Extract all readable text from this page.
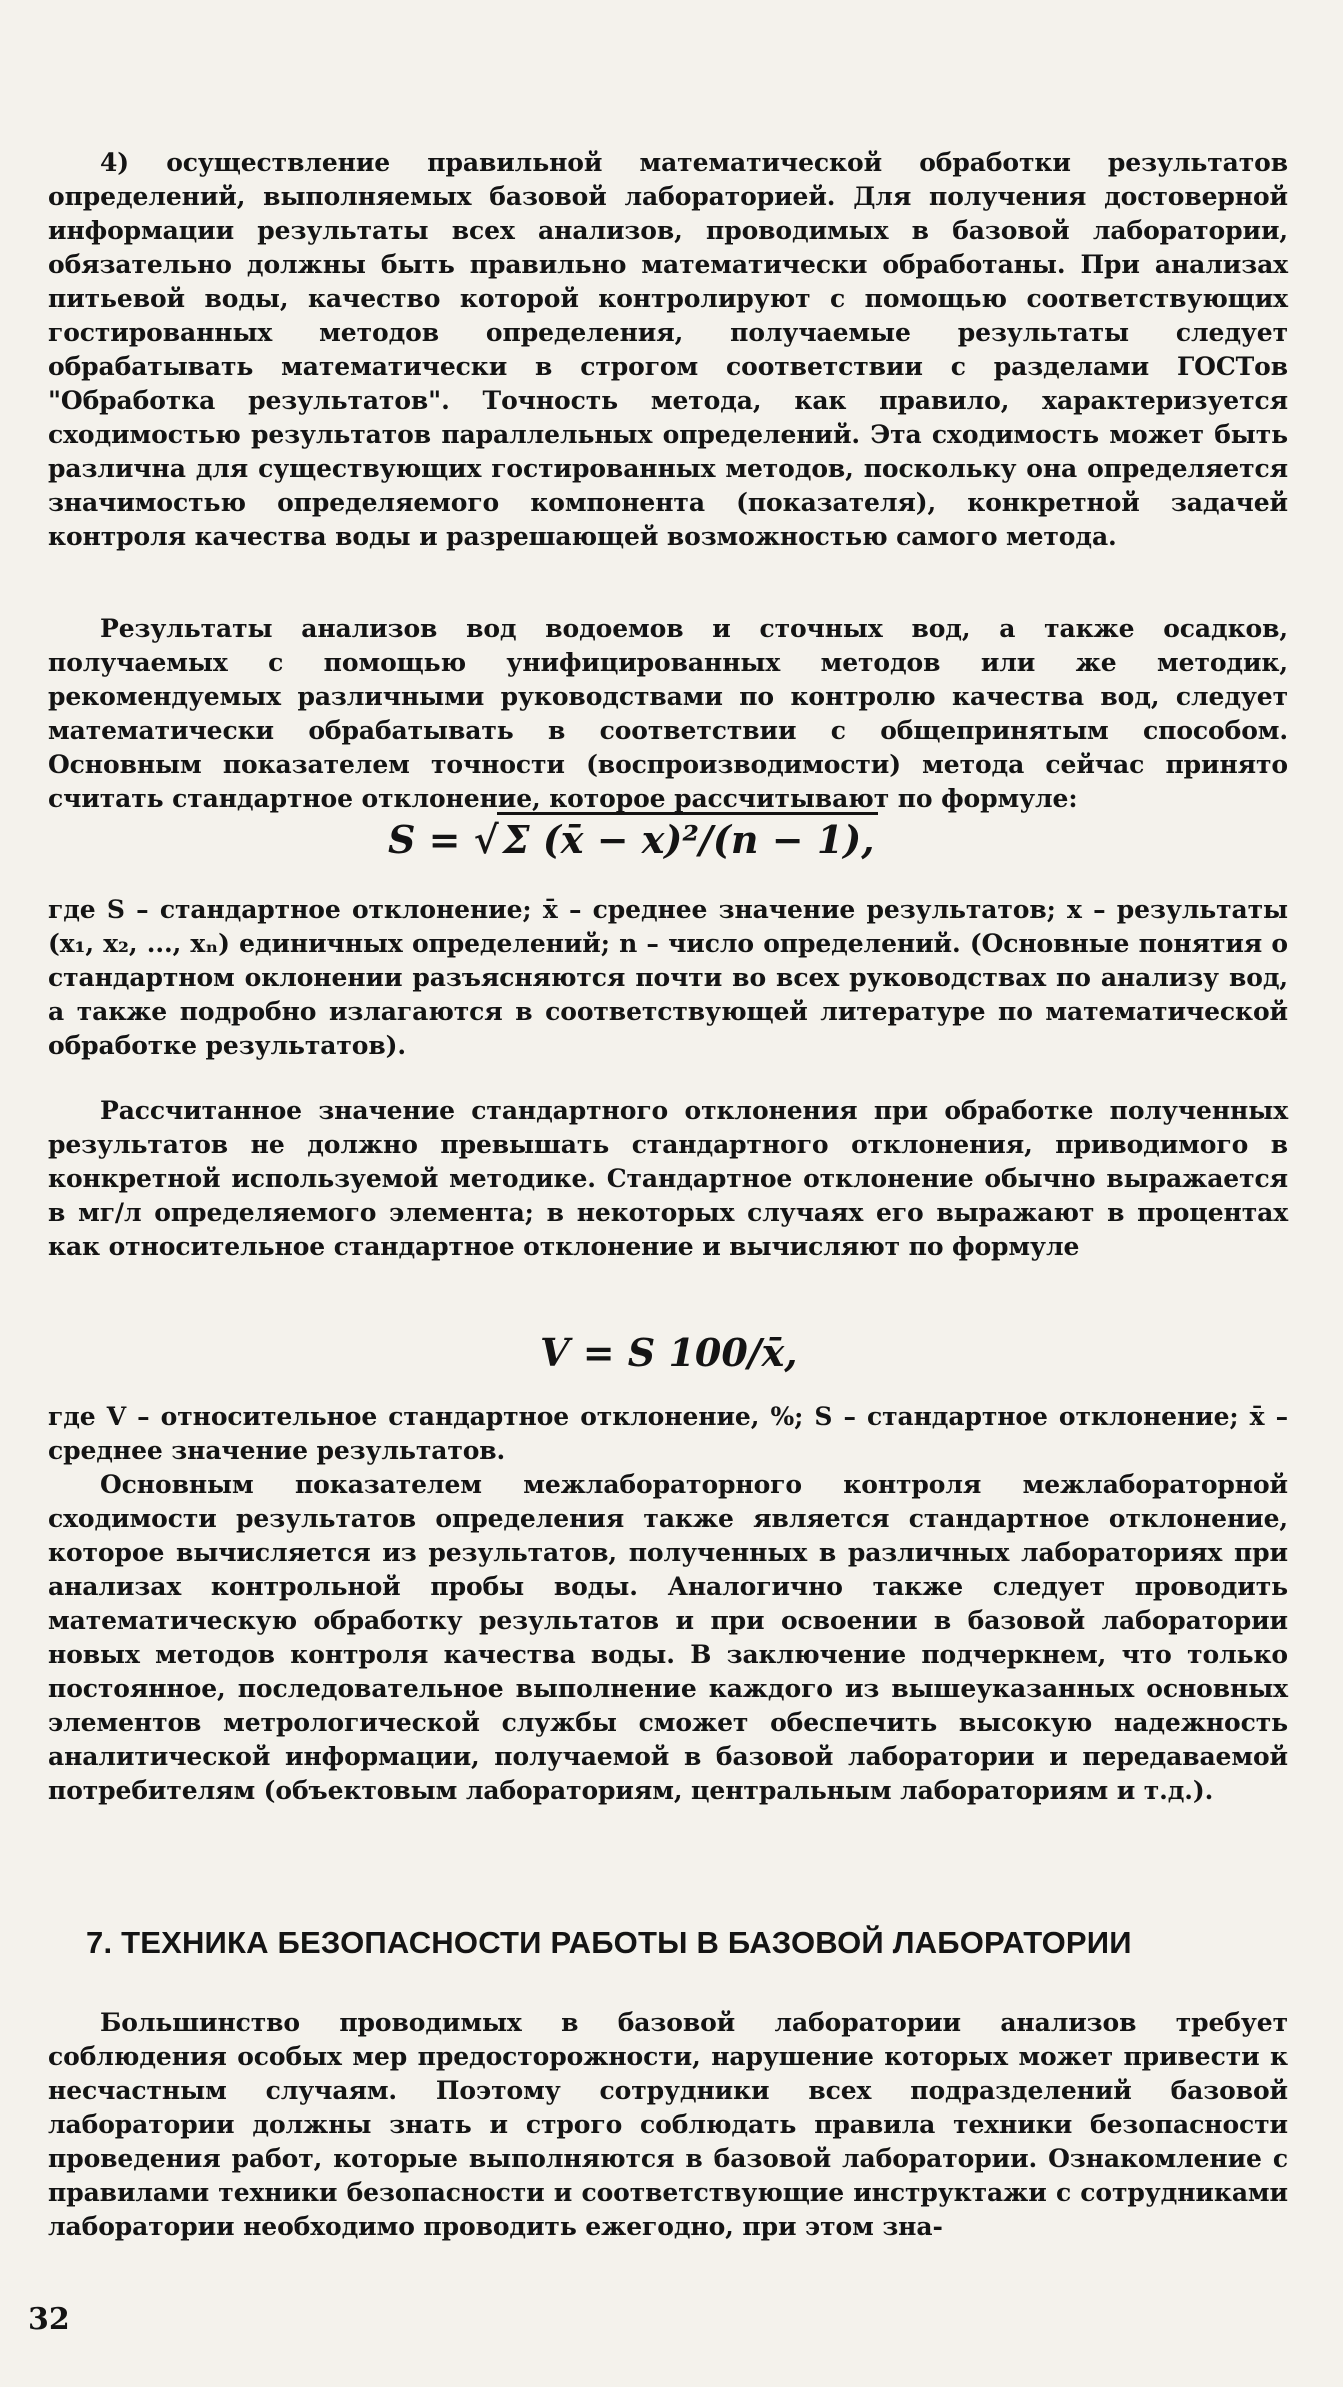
4) осуществление правильной математической обработки результатов определений, выполняемых базовой лабораторией. Для получения достоверной информации результаты всех анализов, проводимых в базовой лаборатории, обязательно должны быть правильно математически обработаны. При анализах питьевой воды, качество которой контролируют с помощью соответствующих гостированных методов определения, получаемые результаты следует обрабатывать математически в строгом соответствии с разделами ГОСТов "Обработка результатов". Точность метода, как правило, характеризуется сходимостью результатов параллельных определений. Эта сходимость может быть различна для существующих гостированных методов, поскольку она определяется значимостью определяемого компонента (показателя), конкретной задачей контроля качества воды и разрешающей возможностью самого метода.
Результаты анализов вод водоемов и сточных вод, а также осадков, получаемых с помощью унифицированных методов или же методик, рекомендуемых различными руководствами по контролю качества вод, следует математически обрабатывать в соответствии с общепринятым способом. Основным показателем точности (воспроизводимости) метода сейчас принято считать стандартное отклонение, которое рассчитывают по формуле:
S = √ Σ (x̄ − x)²/(n − 1),
где S – стандартное отклонение; x̄ – среднее значение результатов; x – результаты (x₁, x₂, ..., xₙ) единичных определений; n – число определений. (Основные понятия о стандартном оклонении разъясняются почти во всех руководствах по анализу вод, а также подробно излагаются в соответствующей литературе по математической обработке результатов).
Рассчитанное значение стандартного отклонения при обработке полученных результатов не должно превышать стандартного отклонения, приводимого в конкретной используемой методике. Стандартное отклонение обычно выражается в мг/л определяемого элемента; в некоторых случаях его выражают в процентах как относительное стандартное отклонение и вычисляют по формуле
V = S 100/x̄,
где V – относительное стандартное отклонение, %; S – стандартное отклонение; x̄ – среднее значение результатов.
Основным показателем межлабораторного контроля межлабораторной сходимости результатов определения также является стандартное отклонение, которое вычисляется из результатов, полученных в различных лабораториях при анализах контрольной пробы воды. Аналогично также следует проводить математическую обработку результатов и при освоении в базовой лаборатории новых методов контроля качества воды. В заключение подчеркнем, что только постоянное, последовательное выполнение каждого из вышеуказанных основных элементов метрологической службы сможет обеспечить высокую надежность аналитической информации, получаемой в базовой лаборатории и передаваемой потребителям (объектовым лабораториям, центральным лабораториям и т.д.).
7. ТЕХНИКА БЕЗОПАСНОСТИ РАБОТЫ В БАЗОВОЙ ЛАБОРАТОРИИ
Большинство проводимых в базовой лаборатории анализов требует соблюдения особых мер предосторожности, нарушение которых может привести к несчастным случаям. Поэтому сотрудники всех подразделений базовой лаборатории должны знать и строго соблюдать правила техники безопасности проведения работ, которые выполняются в базовой лаборатории. Ознакомление с правилами техники безопасности и соответствующие инструктажи с сотрудниками лаборатории необходимо проводить ежегодно, при этом зна-
32
